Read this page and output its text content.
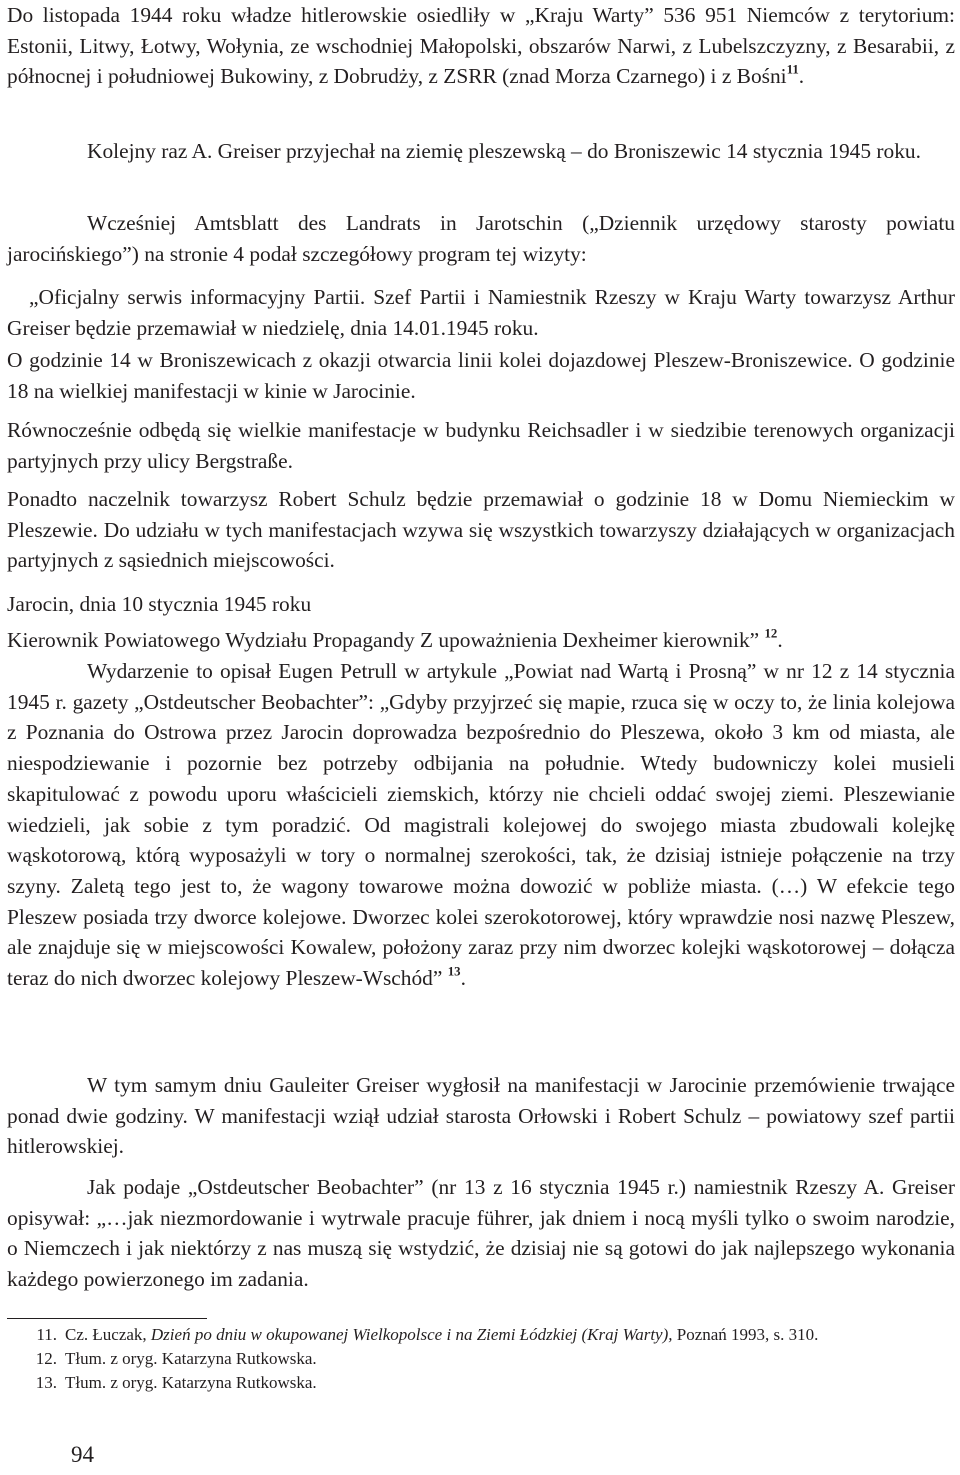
Do listopada 1944 roku władze hitlerowskie osiedliły w „Kraju Warty” 536 951 Niemców z terytorium: Estonii, Litwy, Łotwy, Wołynia, ze wschodniej Małopolski, obszarów Narwi, z Lubelszczyzny, z Besarabii, z północnej i południowej Bukowiny, z Dobrudży, z ZSRR (znad Morza Czarnego) i z Bośni$^{11}$.

Kolejny raz A. Greiser przyjechał na ziemię pleszewską – do Broniszewic 14 stycznia 1945 roku.

Wcześniej Amtsblatt des Landrats in Jarotschin („Dziennik urzędowy starosty powiatu jarocińskiego”) na stronie 4 podał szczegółowy program tej wizyty:

„Oficjalny serwis informacyjny Partii. Szef Partii i Namiestnik Rzeszy w Kraju Warty towarzysz Arthur Greiser będzie przemawiał w niedzielę, dnia 14.01.1945 roku.

O godzinie 14 w Broniszewicach z okazji otwarcia linii kolei dojazdowej Pleszew-Broniszewice. O godzinie 18 na wielkiej manifestacji w kinie w Jarocinie.

Równocześnie odbędą się wielkie manifestacje w budynku Reichsadler i w siedzibie terenowych organizacji partyjnych przy ulicy Bergstraße.

Ponadto naczelnik towarzysz Robert Schulz będzie przemawiał o godzinie 18 w Domu Niemieckim w Pleszewie. Do udziału w tych manifestacjach wzywa się wszystkich towarzyszy działających w organizacjach partyjnych z sąsiednich miejscowości.

Jarocin, dnia 10 stycznia 1945 roku

Kierownik Powiatowego Wydziału Propagandy Z upoważnienia Dexheimer kierownik” $^{12}$.

Wydarzenie to opisał Eugen Petrull w artykule „Powiat nad Wartą i Prosną” w nr 12 z 14 stycznia 1945 r. gazety „Ostdeutscher Beobachter”: „Gdyby przyjrzeć się mapie, rzuca się w oczy to, że linia kolejowa z Poznania do Ostrowa przez Jarocin doprowadza bezpośrednio do Pleszewa, około 3 km od miasta, ale niespodziewanie i pozornie bez potrzeby odbijania na południe. Wtedy budowniczy kolei musieli skapitulować z powodu uporu właścicieli ziemskich, którzy nie chcieli oddać swojej ziemi. Pleszewianie wiedzieli, jak sobie z tym poradzić. Od magistrali kolejowej do swojego miasta zbudowali kolejkę wąskotorową, którą wyposażyli w tory o normalnej szerokości, tak, że dzisiaj istnieje połączenie na trzy szyny. Zaletą tego jest to, że wagony towarowe można dowozić w pobliże miasta. (…) W efekcie tego Pleszew posiada trzy dworce kolejowe. Dworzec kolei szerokotorowej, który wprawdzie nosi nazwę Pleszew, ale znajduje się w miejscowości Kowalew, położony zaraz przy nim dworzec kolejki wąskotorowej – dołącza teraz do nich dworzec kolejowy Pleszew-Wschód” $^{13}$.

W tym samym dniu Gauleiter Greiser wygłosił na manifestacji w Jarocinie przemówienie trwające ponad dwie godziny. W manifestacji wziął udział starosta Orłowski i Robert Schulz – powiatowy szef partii hitlerowskiej.

Jak podaje „Ostdeutscher Beobachter” (nr 13 z 16 stycznia 1945 r.) namiestnik Rzeszy A. Greiser opisywał: „…jak niezmordowanie i wytrwale pracuje führer, jak dniem i nocą myśli tylko o swoim narodzie, o Niemczech i jak niektórzy z nas muszą się wstydzić, że dzisiaj nie są gotowi do jak najlepszego wykonania każdego powierzonego im zadania.

11. Cz. Łuczak, Dzień po dniu w okupowanej Wielkopolsce i na Ziemi Łódzkiej (Kraj Warty), Poznań 1993, s. 310.
12. Tłum. z oryg. Katarzyna Rutkowska.
13. Tłum. z oryg. Katarzyna Rutkowska.
94
